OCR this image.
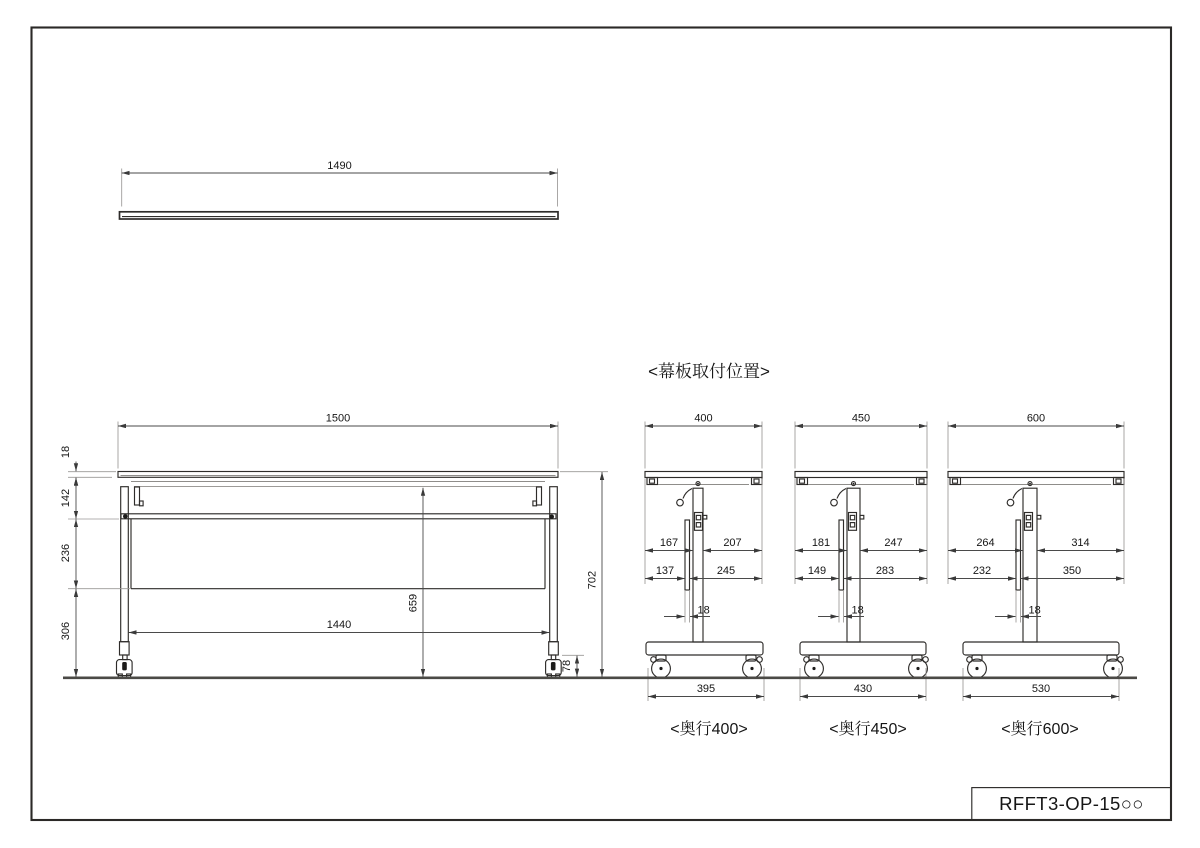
1490
1500
18
142
236
306	1440
659
702
78
<幕板取付位置>
400
167	207
137	245
18
395
<奥行400>
450
181	247
149	283
18
430
<奥行450>
600
264	314
232	350
18
530
<奥行600>
RFFT3-OP-15○○
